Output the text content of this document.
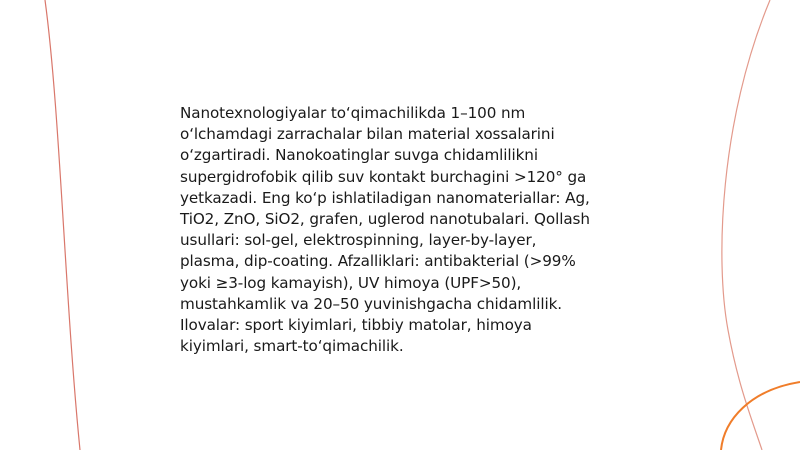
Nanotexnologiyalar to‘qimachilikda 1–100 nm o‘lchamdagi zarrachalar bilan material xossalarini o‘zgartiradi. Nanokoatinglar suvga chidamlilikni supergidrofobik qilib suv kontakt burchagini >120° ga yetkazadi. Eng ko‘p ishlatiladigan nanomateriallar: Ag, TiO2, ZnO, SiO2, grafen, uglerod nanotubalari. Qollash usullari: sol-gel, elektrospinning, layer-by-layer, plasma, dip-coating. Afzalliklari: antibakterial (>99% yoki ≥3-log kamayish), UV himoya (UPF>50), mustahkamlik va 20–50 yuvinishgacha chidamlilik. Ilovalar: sport kiyimlari, tibbiy matolar, himoya kiyimlari, smart-to‘qimachilik.
